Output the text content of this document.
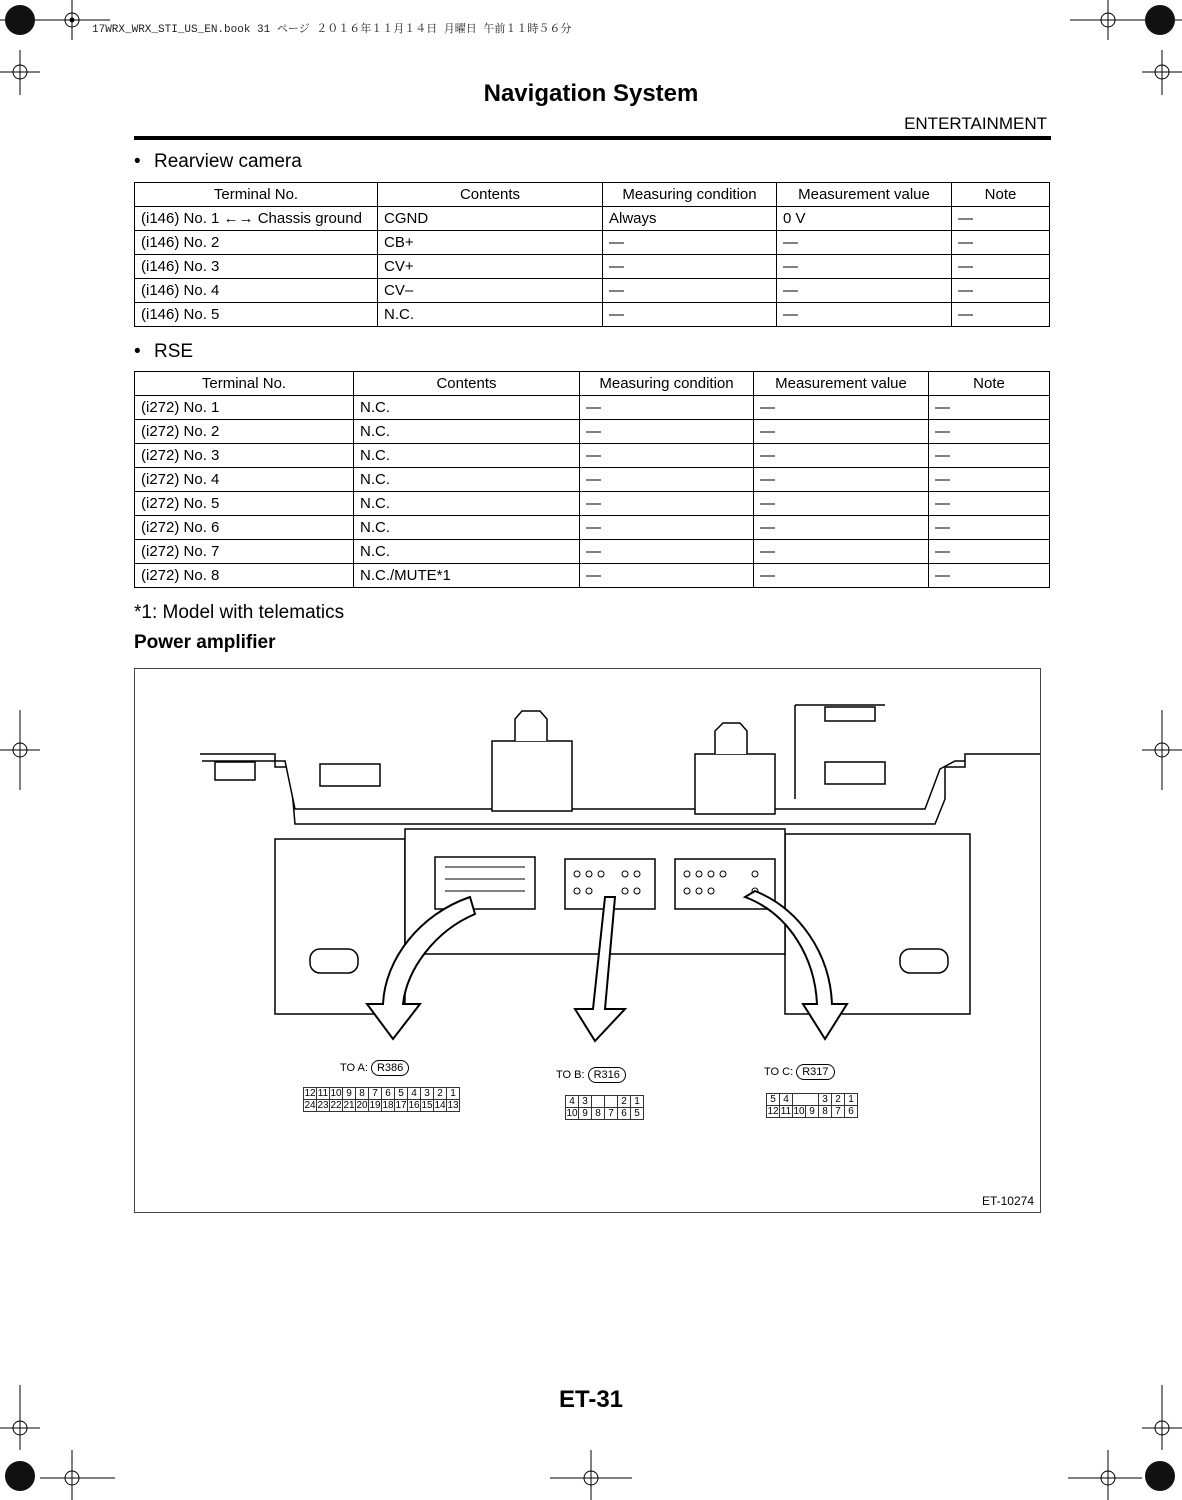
17WRX_WRX_STI_US_EN.book 31 ページ ２０１６年１１月１４日 月曜日 午前１１時５６分
Navigation System
ENTERTAINMENT
• Rearview camera
Terminal No.	Contents	Measuring condition	Measurement value	Note
(i146) No. 1 ←→ Chassis ground	CGND	Always	0 V	—
(i146) No. 2	CB+	—	—	—
(i146) No. 3	CV+	—	—	—
(i146) No. 4	CV–	—	—	—
(i146) No. 5	N.C.	—	—	—
• RSE
Terminal No.	Contents	Measuring condition	Measurement value	Note
(i272) No. 1	N.C.	—	—	—
(i272) No. 2	N.C.	—	—	—
(i272) No. 3	N.C.	—	—	—
(i272) No. 4	N.C.	—	—	—
(i272) No. 5	N.C.	—	—	—
(i272) No. 6	N.C.	—	—	—
(i272) No. 7	N.C.	—	—	—
(i272) No. 8	N.C./MUTE*1	—	—	—
*1: Model with telematics
Power amplifier
TO A: R386
12	11	10	9	8	7	6	5	4	3	2	1
24	23	22	21	20	19	18	17	16	15	14	13
TO B: R316
4	3			2	1
10	9	8	7	6	5
TO C: R317
5	4			3	2	1
12	11	10	9	8	7	6
ET-10274
ET-31
